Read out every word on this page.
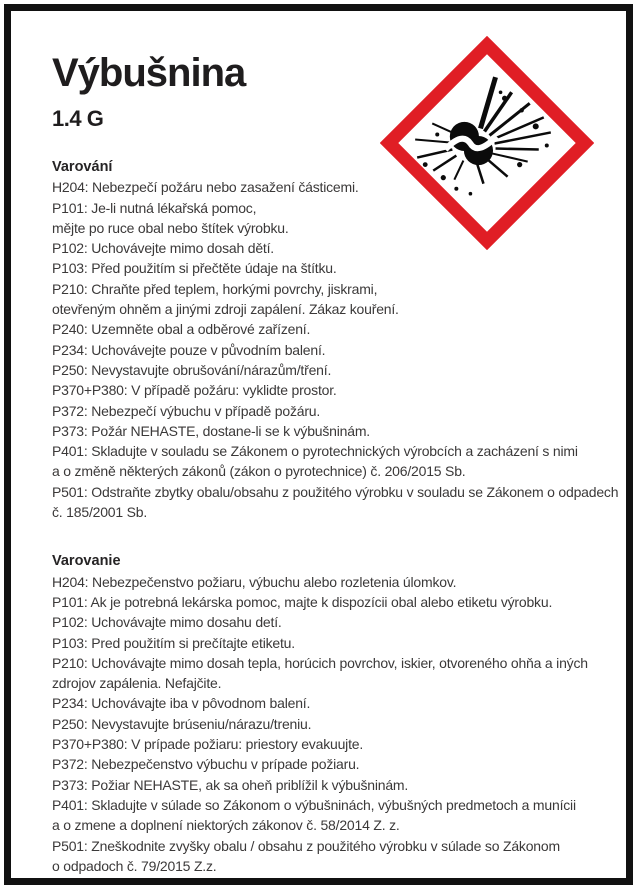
Výbušnina
1.4 G
Varování
H204: Nebezpečí požáru nebo zasažení částicemi.
P101: Je-li nutná lékařská pomoc,
mějte po ruce obal nebo štítek výrobku.
P102: Uchovávejte mimo dosah dětí.
P103: Před použitím si přečtěte údaje na štítku.
P210: Chraňte před teplem, horkými povrchy, jiskrami,
otevřeným ohněm a jinými zdroji zapálení. Zákaz kouření.
P240: Uzemněte obal a odběrové zařízení.
P234: Uchovávejte pouze v původním balení.
P250: Nevystavujte obrušování/nárazům/tření.
P370+P380: V případě požáru: vyklidte prostor.
P372: Nebezpečí výbuchu v případě požáru.
P373: Požár NEHASTE, dostane-li se k výbušninám.
P401: Skladujte v souladu se Zákonem o pyrotechnických výrobcích a zacházení s nimi
a o změně některých zákonů (zákon o pyrotechnice) č. 206/2015 Sb.
P501: Odstraňte zbytky obalu/obsahu z použitého výrobku v souladu se Zákonem o odpadech
č. 185/2001 Sb.
Varovanie
H204: Nebezpečenstvo požiaru, výbuchu alebo rozletenia úlomkov.
P101: Ak je potrebná lekárska pomoc, majte k dispozícii obal alebo etiketu výrobku.
P102: Uchovávajte mimo dosahu detí.
P103: Pred použitím si prečítajte etiketu.
P210: Uchovávajte mimo dosah tepla, horúcich povrchov, iskier, otvoreného ohňa a iných
zdrojov zapálenia. Nefajčite.
P234: Uchovávajte iba v pôvodnom balení.
P250: Nevystavujte brúseniu/nárazu/treniu.
P370+P380: V prípade požiaru: priestory evakuujte.
P372: Nebezpečenstvo výbuchu v prípade požiaru.
P373: Požiar NEHASTE, ak sa oheň priblížil k výbušninám.
P401: Skladujte v súlade so Zákonom o výbušninách, výbušných predmetoch a munícii
a o zmene a doplnení niektorých zákonov č. 58/2014 Z. z.
P501: Zneškodnite zvyšky obalu / obsahu z použitého výrobku v súlade so Zákonom
o odpadoch č. 79/2015 Z.z.
